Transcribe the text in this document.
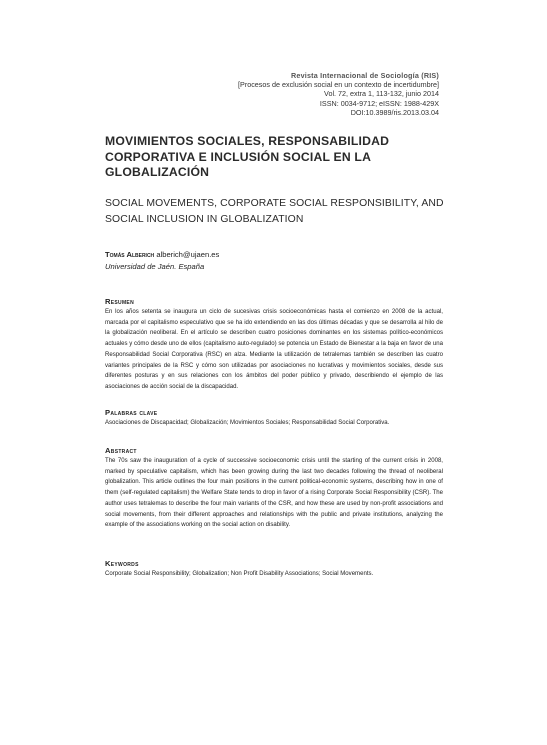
Revista Internacional de Sociología (RIS)
[Procesos de exclusión social en un contexto de incertidumbre]
Vol. 72, extra 1, 113-132, junio 2014
ISSN: 0034-9712; eISSN: 1988-429X
DOI:10.3989/ris.2013.03.04
MOVIMIENTOS SOCIALES, RESPONSABILIDAD CORPORATIVA E INCLUSIÓN SOCIAL EN LA GLOBALIZACIÓN
SOCIAL MOVEMENTS, CORPORATE SOCIAL RESPONSIBILITY, AND SOCIAL INCLUSION IN GLOBALIZATION
Tomás Alberich alberich@ujaen.es
Universidad de Jaén. España
Resumen

En los años setenta se inaugura un ciclo de sucesivas crisis socioeconómicas hasta el comienzo en 2008 de la actual, marcada por el capitalismo especulativo que se ha ido extendiendo en las dos últimas décadas y que se desarrolla al hilo de la globalización neoliberal. En el artículo se describen cuatro posiciones dominantes en los sistemas político-económicos actuales y cómo desde uno de ellos (capitalismo auto-regulado) se potencia un Estado de Bienestar a la baja en favor de una Responsabilidad Social Corporativa (RSC) en alza. Mediante la utilización de tetralemas también se describen las cuatro variantes principales de la RSC y cómo son utilizadas por asociaciones no lucrativas y movimientos sociales, desde sus diferentes posturas y en sus relaciones con los ámbitos del poder público y privado, describiendo el ejemplo de las asociaciones de acción social de la discapacidad.

Palabras clave

Asociaciones de Discapacidad; Globalización; Movimientos Sociales; Responsabilidad Social Corporativa.

Abstract

The 70s saw the inauguration of a cycle of successive socioeconomic crisis until the starting of the current crisis in 2008, marked by speculative capitalism, which has been growing during the last two decades following the thread of neoliberal globalization. This article outlines the four main positions in the current political-economic systems, describing how in one of them (self-regulated capitalism) the Welfare State tends to drop in favor of a rising Corporate Social Responsibility (CSR). The author uses tetralemas to describe the four main variants of the CSR, and how these are used by non-profit associations and social movements, from their different approaches and relationships with the public and private institutions, analyzing the example of the associations working on the social action on disability.

Keywords

Corporate Social Responsibility; Globalization; Non Profit Disability Associations; Social Movements.
